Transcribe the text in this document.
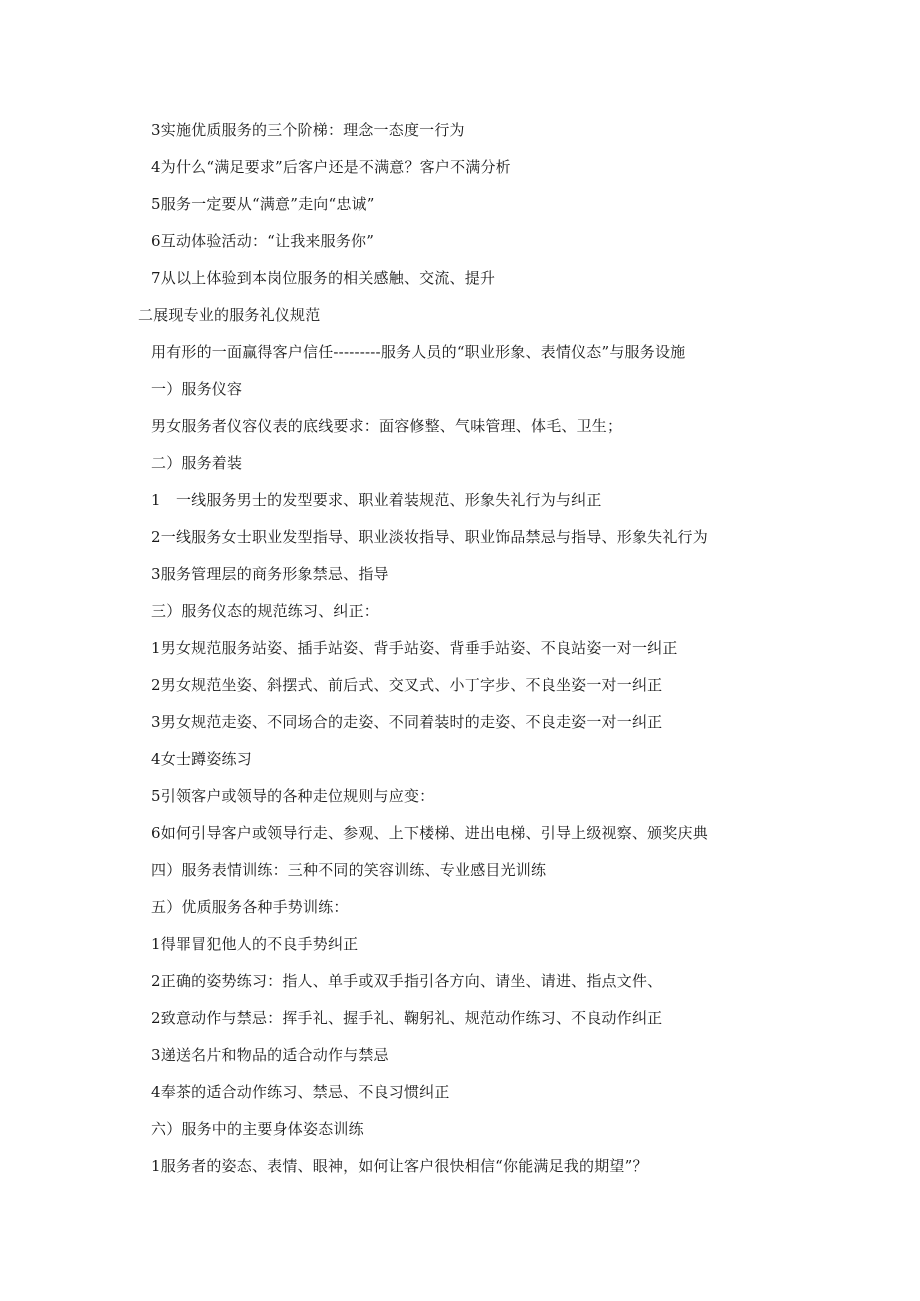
3实施优质服务的三个阶梯：理念一态度一行为
4为什么“满足要求”后客户还是不满意？客户不满分析
5服务一定要从“满意”走向“忠诚”
6互动体验活动：“让我来服务你”
7从以上体验到本岗位服务的相关感触、交流、提升
二展现专业的服务礼仪规范
用有形的一面赢得客户信任---------服务人员的“职业形象、表情仪态”与服务设施
一）服务仪容
男女服务者仪容仪表的底线要求：面容修整、气味管理、体毛、卫生；
二）服务着装
1　一线服务男士的发型要求、职业着装规范、形象失礼行为与纠正
2一线服务女士职业发型指导、职业淡妆指导、职业饰品禁忌与指导、形象失礼行为
3服务管理层的商务形象禁忌、指导
三）服务仪态的规范练习、纠正：
1男女规范服务站姿、插手站姿、背手站姿、背垂手站姿、不良站姿一对一纠正
2男女规范坐姿、斜摆式、前后式、交叉式、小丁字步、不良坐姿一对一纠正
3男女规范走姿、不同场合的走姿、不同着装时的走姿、不良走姿一对一纠正
4女士蹲姿练习
5引领客户或领导的各种走位规则与应变：
6如何引导客户或领导行走、参观、上下楼梯、进出电梯、引导上级视察、颁奖庆典
四）服务表情训练：三种不同的笑容训练、专业感目光训练
五）优质服务各种手势训练：
1得罪冒犯他人的不良手势纠正
2正确的姿势练习：指人、单手或双手指引各方向、请坐、请进、指点文件、
2致意动作与禁忌：挥手礼、握手礼、鞠躬礼、规范动作练习、不良动作纠正
3递送名片和物品的适合动作与禁忌
4奉茶的适合动作练习、禁忌、不良习惯纠正
六）服务中的主要身体姿态训练
1服务者的姿态、表情、眼神，如何让客户很快相信“你能满足我的期望”？
